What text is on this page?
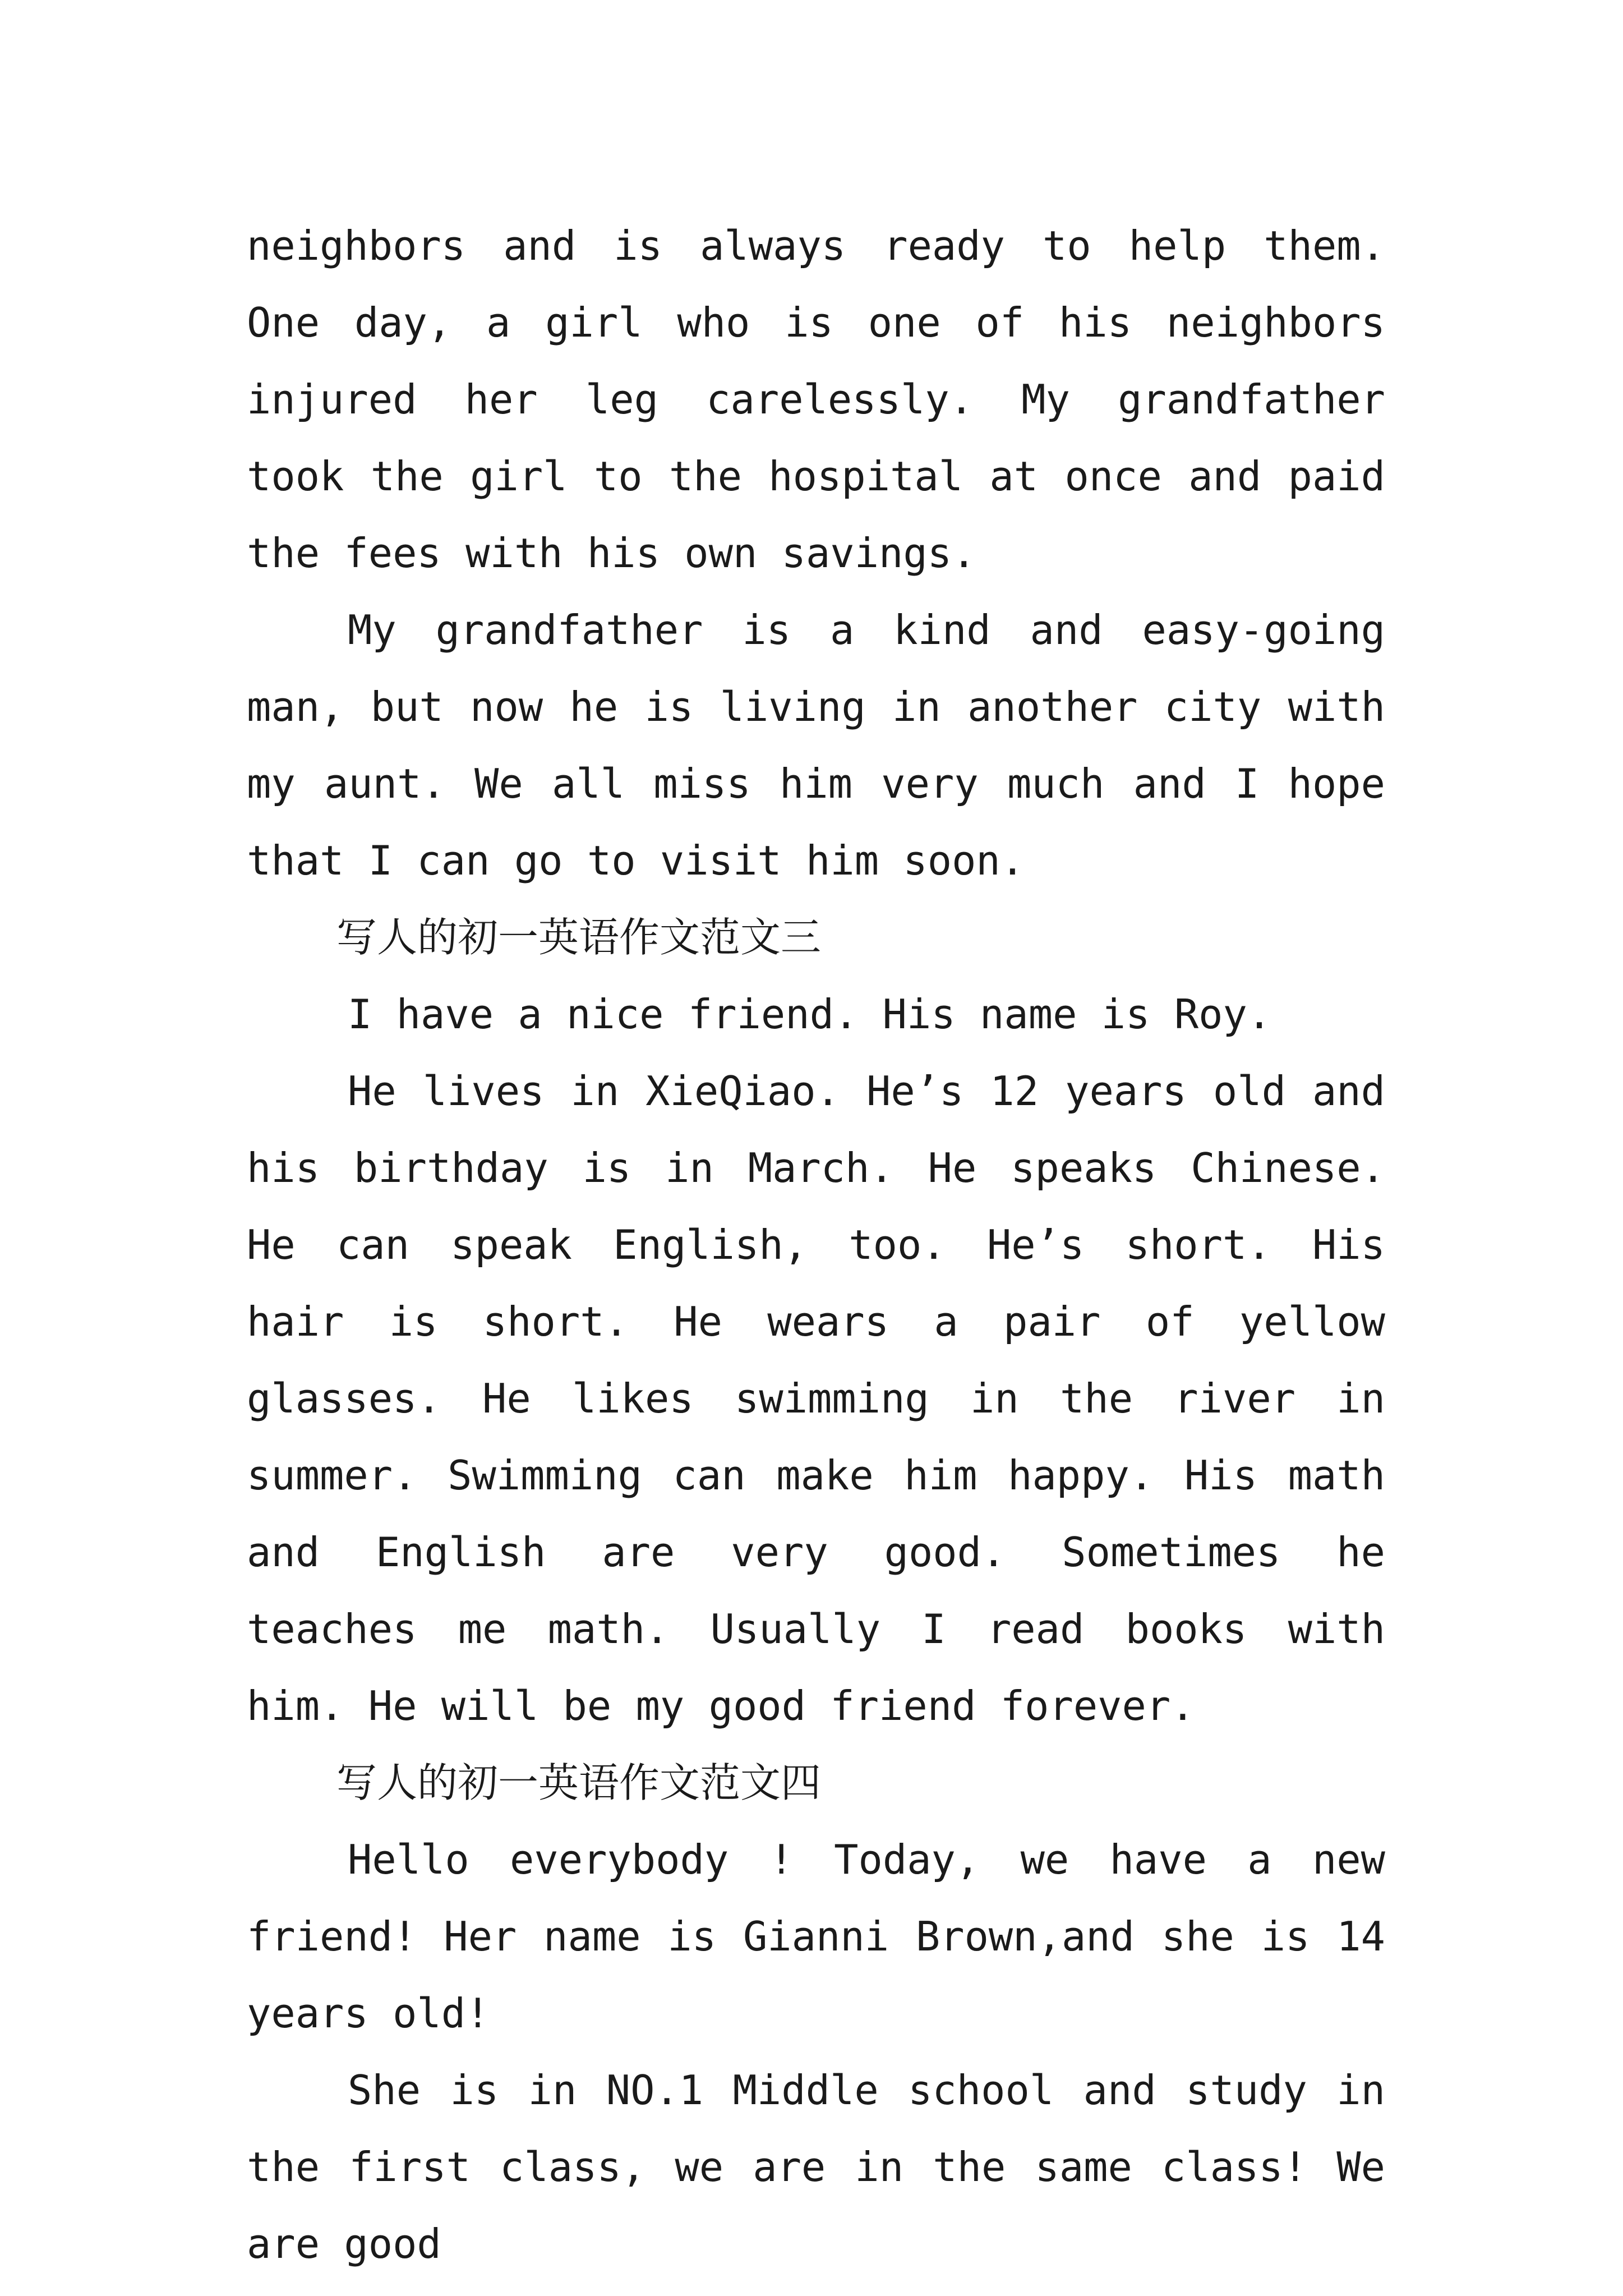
neighbors and is always ready to help them. One day, a girl who is one of his neighbors injured her leg carelessly. My grandfather took the girl to the hospital at once and paid the fees with his own savings.

My grandfather is a kind and easy-going man, but now he is living in another city with my aunt. We all miss him very much and I hope that I can go to visit him soon.

写人的初一英语作文范文三

I have a nice friend. His name is Roy.

He lives in XieQiao. He’s 12 years old and his birthday is in March. He speaks Chinese. He can speak English, too. He’s short. His hair is short. He wears a pair of yellow glasses. He likes swimming in the river in summer. Swimming can make him happy. His math and English are very good. Sometimes he teaches me math. Usually I read books with him. He will be my good friend forever.

写人的初一英语作文范文四

Hello everybody ! Today, we have a new friend! Her name is Gianni Brown,and she is 14 years old!

She is in NO.1 Middle school and study in the first class, we are in the same class! We are good
